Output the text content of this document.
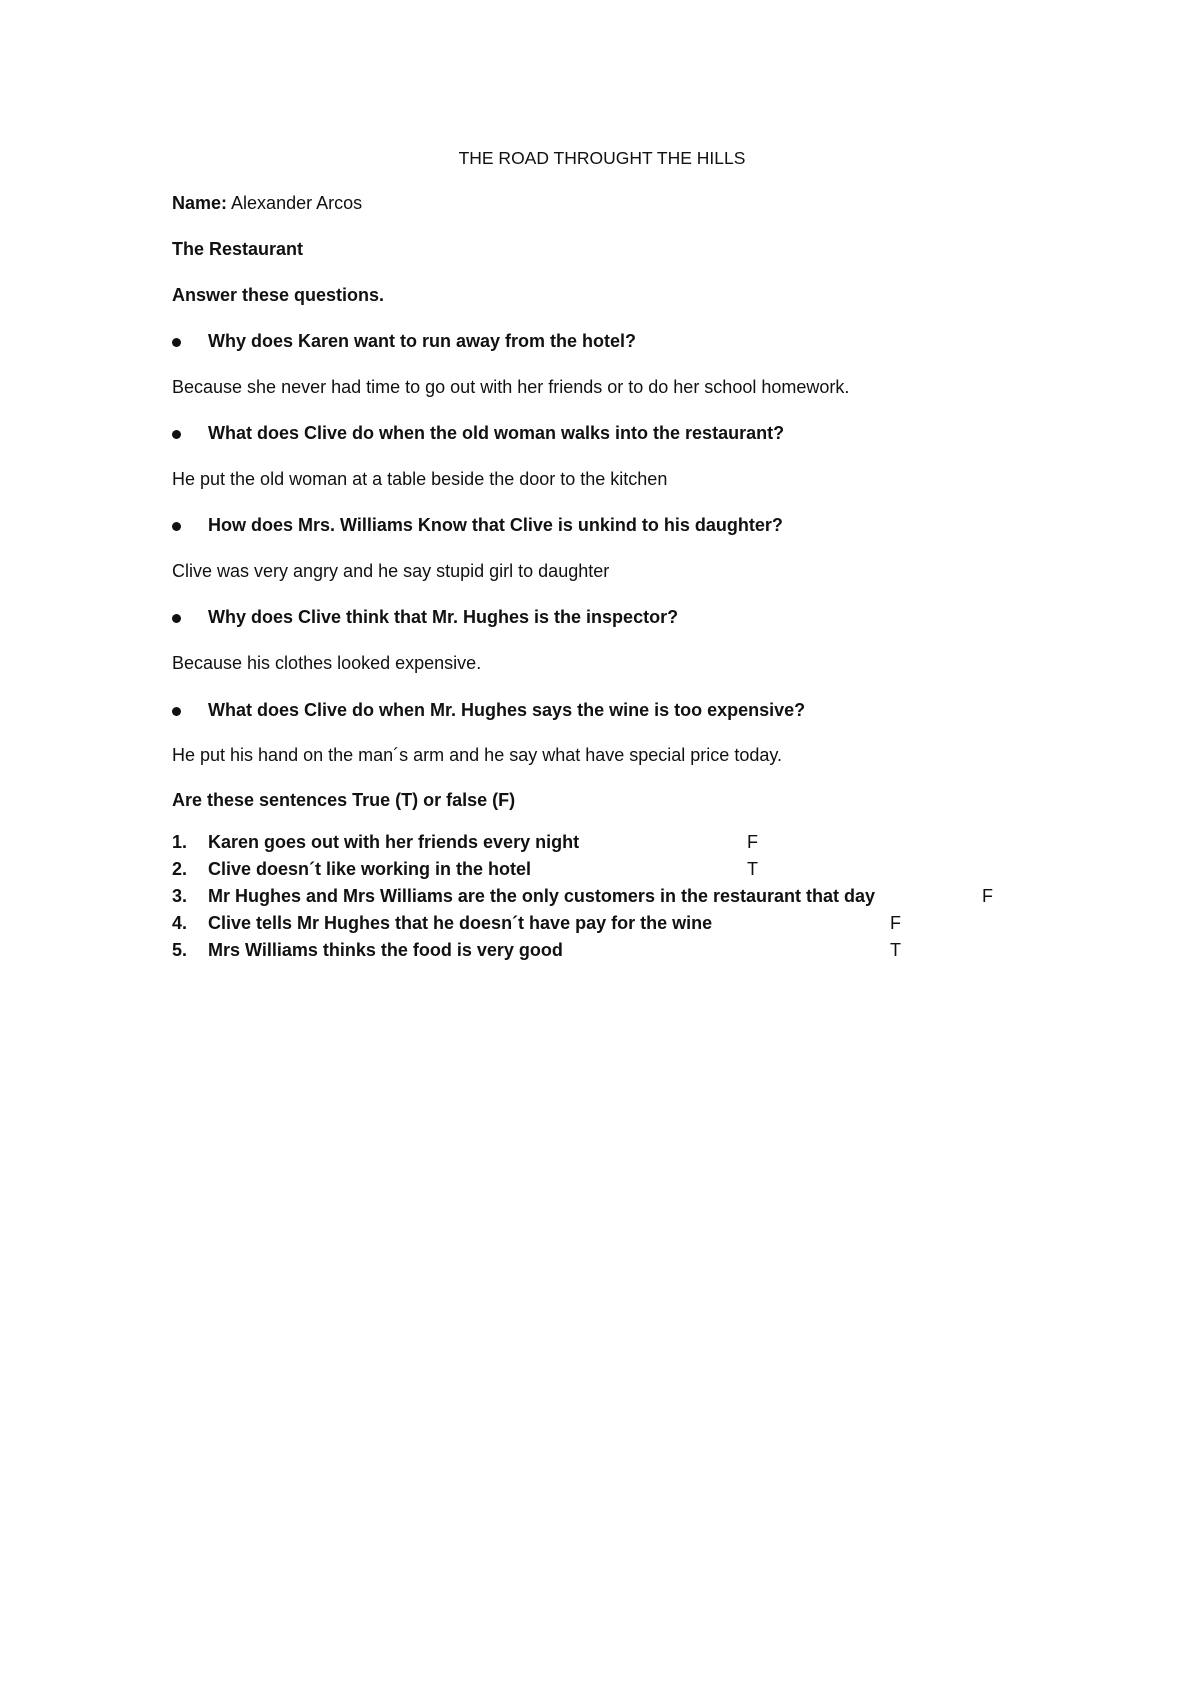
THE ROAD THROUGHT THE HILLS
Name: Alexander Arcos
The Restaurant
Answer these questions.
Why does Karen want to run away from the hotel?
Because she never had time to go out with her friends or to do her school homework.
What does Clive do when the old woman walks into the restaurant?
He put the old woman at a table beside the door to the kitchen
How does Mrs. Williams Know that Clive is unkind to his daughter?
Clive was very angry and he say stupid girl to daughter
Why does Clive think that Mr. Hughes is the inspector?
Because his clothes looked expensive.
What does Clive do when Mr. Hughes says the wine is too expensive?
He put his hand on the man´s arm and he say what have special price today.
Are these sentences True (T) or false (F)
1. Karen goes out with her friends every night	F
2. Clive doesn´t like working in the hotel	T
3. Mr Hughes and Mrs Williams are the only customers in the restaurant that day	F
4. Clive tells Mr Hughes that he doesn´t have pay for the wine	F
5. Mrs Williams thinks the food is very good	T
